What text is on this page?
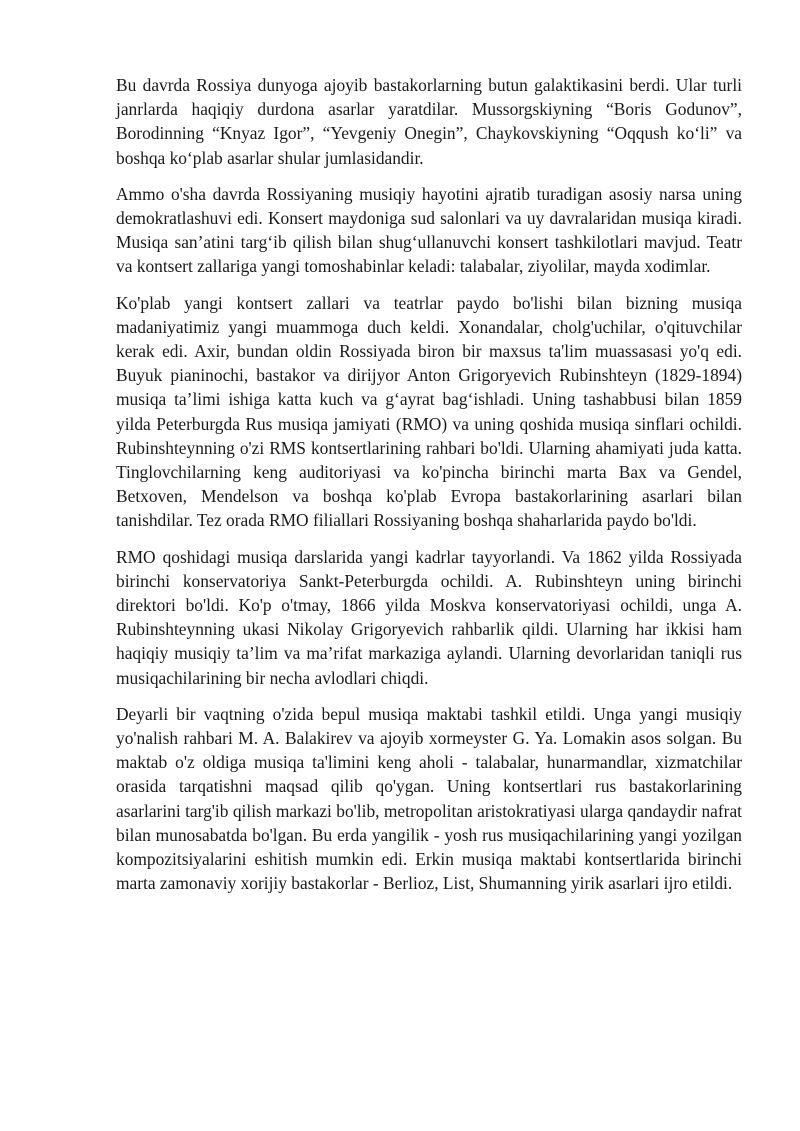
Bu davrda Rossiya dunyoga ajoyib bastakorlarning butun galaktikasini berdi. Ular turli janrlarda haqiqiy durdona asarlar yaratdilar. Mussorgskiyning “Boris Godunov”, Borodinning “Knyaz Igor”, “Yevgeniy Onegin”, Chaykovskiyning “Oqqush koʻli” va boshqa koʻplab asarlar shular jumlasidandir.

Ammo o'sha davrda Rossiyaning musiqiy hayotini ajratib turadigan asosiy narsa uning demokratlashuvi edi. Konsert maydoniga sud salonlari va uy davralaridan musiqa kiradi. Musiqa san’atini targʻib qilish bilan shugʻullanuvchi konsert tashkilotlari mavjud. Teatr va kontsert zallariga yangi tomoshabinlar keladi: talabalar, ziyolilar, mayda xodimlar.

Ko'plab yangi kontsert zallari va teatrlar paydo bo'lishi bilan bizning musiqa madaniyatimiz yangi muammoga duch keldi. Xonandalar, cholg'uchilar, o'qituvchilar kerak edi. Axir, bundan oldin Rossiyada biron bir maxsus ta'lim muassasasi yo'q edi. Buyuk pianinochi, bastakor va dirijyor Anton Grigoryevich Rubinshteyn (1829-1894) musiqa ta’limi ishiga katta kuch va gʻayrat bagʻishladi. Uning tashabbusi bilan 1859 yilda Peterburgda Rus musiqa jamiyati (RMO) va uning qoshida musiqa sinflari ochildi. Rubinshteynning o'zi RMS kontsertlarining rahbari bo'ldi. Ularning ahamiyati juda katta. Tinglovchilarning keng auditoriyasi va ko'pincha birinchi marta Bax va Gendel, Betxoven, Mendelson va boshqa ko'plab Evropa bastakorlarining asarlari bilan tanishdilar. Tez orada RMO filiallari Rossiyaning boshqa shaharlarida paydo bo'ldi.

RMO qoshidagi musiqa darslarida yangi kadrlar tayyorlandi. Va 1862 yilda Rossiyada birinchi konservatoriya Sankt-Peterburgda ochildi. A. Rubinshteyn uning birinchi direktori bo'ldi. Ko'p o'tmay, 1866 yilda Moskva konservatoriyasi ochildi, unga A. Rubinshteynning ukasi Nikolay Grigoryevich rahbarlik qildi. Ularning har ikkisi ham haqiqiy musiqiy ta’lim va ma’rifat markaziga aylandi. Ularning devorlaridan taniqli rus musiqachilarining bir necha avlodlari chiqdi.

Deyarli bir vaqtning o'zida bepul musiqa maktabi tashkil etildi. Unga yangi musiqiy yo'nalish rahbari M. A. Balakirev va ajoyib xormeyster G. Ya. Lomakin asos solgan. Bu maktab o'z oldiga musiqa ta'limini keng aholi - talabalar, hunarmandlar, xizmatchilar orasida tarqatishni maqsad qilib qo'ygan. Uning kontsertlari rus bastakorlarining asarlarini targ'ib qilish markazi bo'lib, metropolitan aristokratiyasi ularga qandaydir nafrat bilan munosabatda bo'lgan. Bu erda yangilik - yosh rus musiqachilarining yangi yozilgan kompozitsiyalarini eshitish mumkin edi. Erkin musiqa maktabi kontsertlarida birinchi marta zamonaviy xorijiy bastakorlar - Berlioz, List, Shumanning yirik asarlari ijro etildi.
